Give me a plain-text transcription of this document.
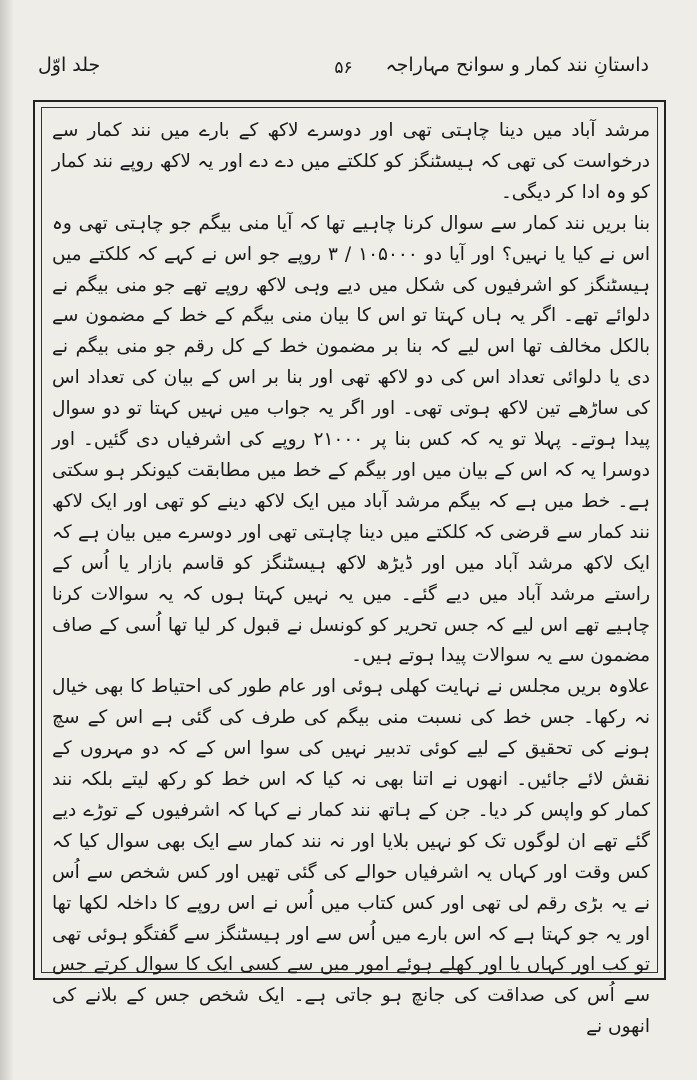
داستانِ نند کمار و سوانح مہاراجہ
۵۶
جلد اوّل

مرشد آباد میں دینا چاہتی تھی اور دوسرے لاکھ کے بارے میں نند کمار سے درخواست کی تھی کہ ہیسٹنگز کو کلکتے میں دے دے اور یہ لاکھ روپے نند کمار کو وہ ادا کر دیگی۔

بنا بریں نند کمار سے سوال کرنا چاہیے تھا کہ آیا منی بیگم جو چاہتی تھی وہ اس نے کیا یا نہیں؟ اور آیا دو ۱۰۵۰۰۰ / ۳ روپے جو اس نے کہے کہ کلکتے میں ہیسٹنگز کو اشرفیوں کی شکل میں دیے وہی لاکھ روپے تھے جو منی بیگم نے دلوائے تھے۔ اگر یہ ہاں کہتا تو اس کا بیان منی بیگم کے خط کے مضمون سے بالکل مخالف تھا اس لیے کہ بنا بر مضمون خط کے کل رقم جو منی بیگم نے دی یا دلوائی تعداد اس کی دو لاکھ تھی اور بنا بر اس کے بیان کی تعداد اس کی ساڑھے تین لاکھ ہوتی تھی۔ اور اگر یہ جواب میں نہیں کہتا تو دو سوال پیدا ہوتے۔ پہلا تو یہ کہ کس بنا پر ۲۱۰۰۰ روپے کی اشرفیاں دی گئیں۔ اور دوسرا یہ کہ اس کے بیان میں اور بیگم کے خط میں مطابقت کیونکر ہو سکتی ہے۔ خط میں ہے کہ بیگم مرشد آباد میں ایک لاکھ دینے کو تھی اور ایک لاکھ نند کمار سے قرضی کہ کلکتے میں دینا چاہتی تھی اور دوسرے میں بیان ہے کہ ایک لاکھ مرشد آباد میں اور ڈیڑھ لاکھ ہیسٹنگز کو قاسم بازار یا اُس کے راستے مرشد آباد میں دیے گئے۔ میں یہ نہیں کہتا ہوں کہ یہ سوالات کرنا چاہیے تھے اس لیے کہ جس تحریر کو کونسل نے قبول کر لیا تھا اُسی کے صاف مضمون سے یہ سوالات پیدا ہوتے ہیں۔

علاوہ بریں مجلس نے نہایت کھلی ہوئی اور عام طور کی احتیاط کا بھی خیال نہ رکھا۔ جس خط کی نسبت منی بیگم کی طرف کی گئی ہے اس کے سچ ہونے کی تحقیق کے لیے کوئی تدبیر نہیں کی سوا اس کے کہ دو مہروں کے نقش لائے جائیں۔ انھوں نے اتنا بھی نہ کیا کہ اس خط کو رکھ لیتے بلکہ نند کمار کو واپس کر دیا۔ جن کے ہاتھ نند کمار نے کہا کہ اشرفیوں کے توڑے دیے گئے تھے ان لوگوں تک کو نہیں بلایا اور نہ نند کمار سے ایک بھی سوال کیا کہ کس وقت اور کہاں یہ اشرفیاں حوالے کی گئی تھیں اور کس شخص سے اُس نے یہ بڑی رقم لی تھی اور کس کتاب میں اُس نے اس روپے کا داخلہ لکھا تھا اور یہ جو کہتا ہے کہ اس بارے میں اُس سے اور ہیسٹنگز سے گفتگو ہوئی تھی تو کب اور کہاں یا اور کھلے ہوئے امور میں سے کسی ایک کا سوال کرتے جس سے اُس کی صداقت کی جانچ ہو جاتی ہے۔ ایک شخص جس کے بلانے کی انھوں نے
